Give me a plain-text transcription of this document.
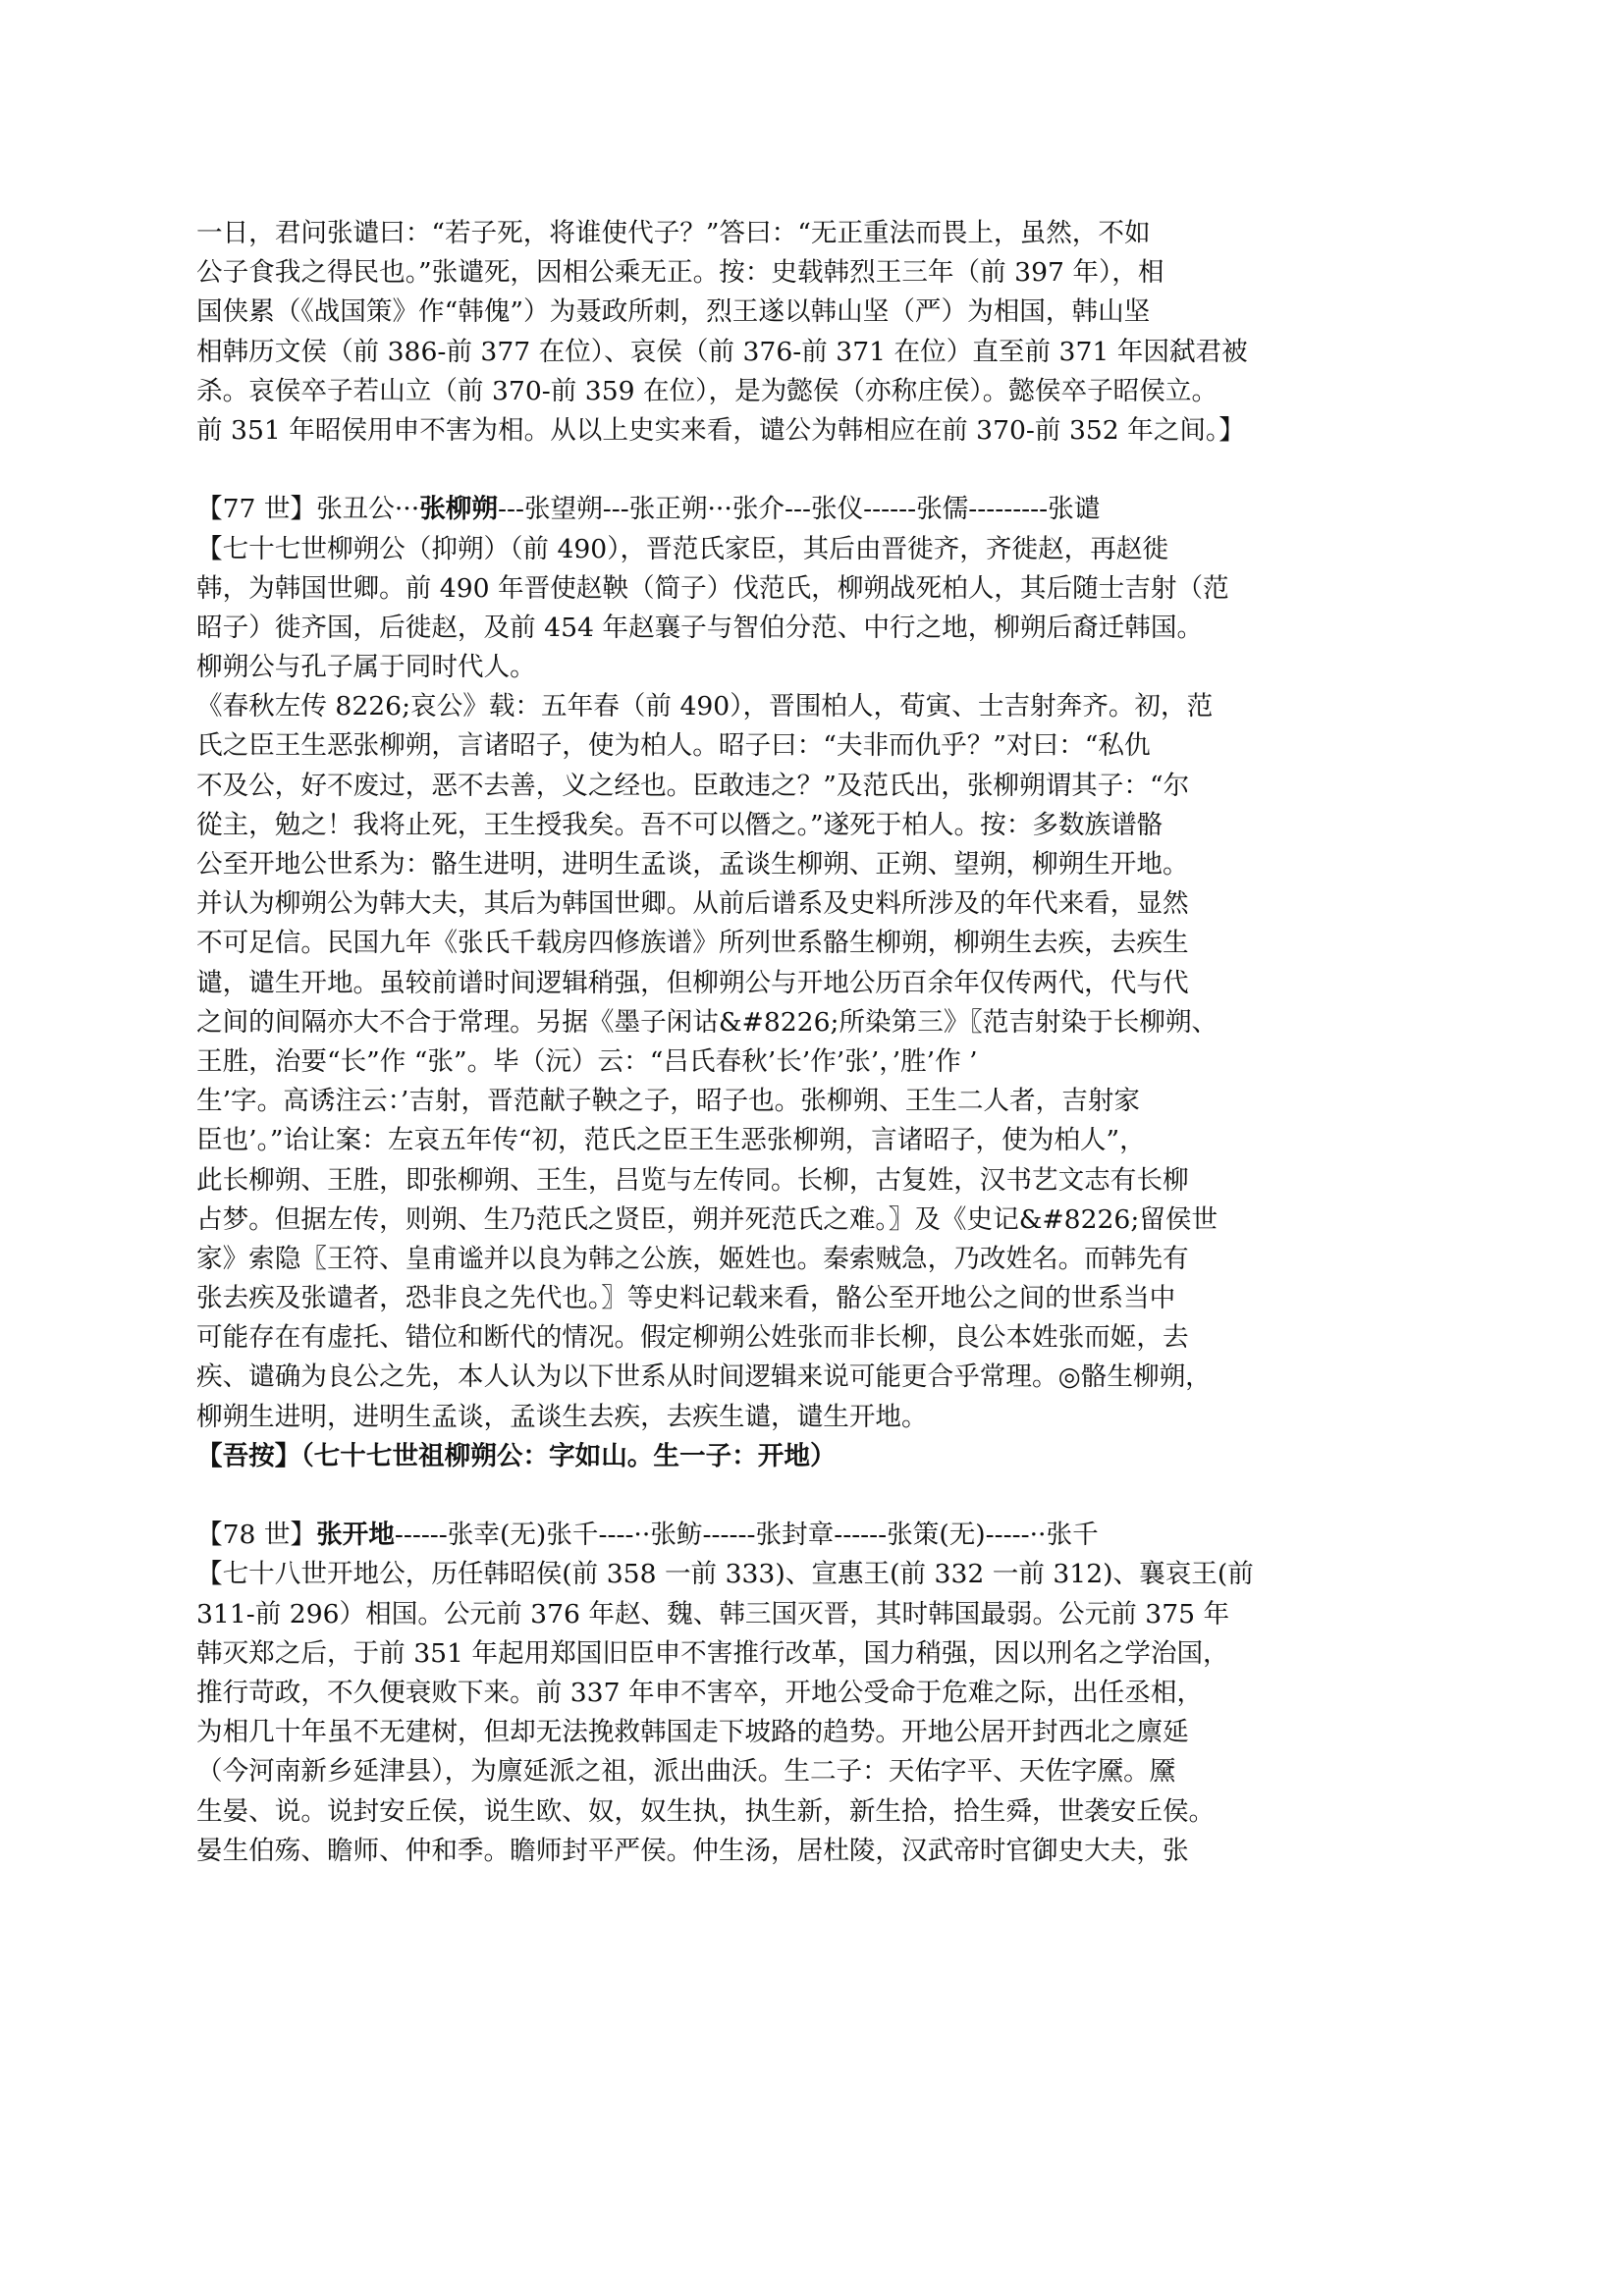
一日，君问张谴曰：“若子死，将谁使代子？”答曰：“无正重法而畏上，虽然，不如
公子食我之得民也。”张谴死，因相公乘无正。按：史载韩烈王三年（前 397 年），相
国侠累（《战国策》作“韩傀”）为聂政所刺，烈王遂以韩山坚（严）为相国，韩山坚
相韩历文侯（前 386-前 377 在位）、哀侯（前 376-前 371 在位）直至前 371 年因弑君被
杀。哀侯卒子若山立（前 370-前 359 在位），是为懿侯（亦称庄侯）。懿侯卒子昭侯立。
前 351 年昭侯用申不害为相。从以上史实来看，谴公为韩相应在前 370-前 352 年之间。】
【77 世】张丑公···张柳朔---张望朔---张正朔···张介---张仪------张儒---------张谴
【七十七世柳朔公（抑朔）（前 490），晋范氏家臣，其后由晋徙齐，齐徙赵，再赵徙
韩，为韩国世卿。前 490 年晋使赵鞅（简子）伐范氏，柳朔战死柏人，其后随士吉射（范
昭子）徙齐国，后徙赵，及前 454 年赵襄子与智伯分范、中行之地，柳朔后裔迁韩国。
柳朔公与孔子属于同时代人。
《春秋左传 8226;哀公》载：五年春（前 490），晋围柏人，荀寅、士吉射奔齐。初，范
氏之臣王生恶张柳朔，言诸昭子，使为柏人。昭子曰：“夫非而仇乎？”对曰：“私仇
不及公，好不废过，恶不去善，义之经也。臣敢违之？”及范氏出，张柳朔谓其子：“尔
從主，勉之！我将止死，王生授我矣。吾不可以僭之。”遂死于柏人。按：多数族谱骼
公至开地公世系为：骼生进明，进明生孟谈，孟谈生柳朔、正朔、望朔，柳朔生开地。
并认为柳朔公为韩大夫，其后为韩国世卿。从前后谱系及史料所涉及的年代来看，显然
不可足信。民国九年《张氏千载房四修族谱》所列世系骼生柳朔，柳朔生去疾，去疾生
谴，谴生开地。虽较前谱时间逻辑稍强，但柳朔公与开地公历百余年仅传两代，代与代
之间的间隔亦大不合于常理。另据《墨子闲诂&#8226;所染第三》〖范吉射染于长柳朔、
王胜，治要“长”作 “张”。毕（沅）云：“吕氏春秋’长’作’张’，’胜’作 ’
生’字。高诱注云：’吉射，晋范献子鞅之子，昭子也。张柳朔、王生二人者，吉射家
臣也’。”诒让案：左哀五年传“初，范氏之臣王生恶张柳朔，言诸昭子，使为柏人”，
此长柳朔、王胜，即张柳朔、王生，吕览与左传同。长柳，古复姓，汉书艺文志有长柳
占梦。但据左传，则朔、生乃范氏之贤臣，朔并死范氏之难。〗及《史记&#8226;留侯世
家》索隐〖王符、皇甫谧并以良为韩之公族，姬姓也。秦索贼急，乃改姓名。而韩先有
张去疾及张谴者，恐非良之先代也。〗等史料记载来看，骼公至开地公之间的世系当中
可能存在有虚托、错位和断代的情况。假定柳朔公姓张而非长柳，良公本姓张而姬，去
疾、谴确为良公之先，本人认为以下世系从时间逻辑来说可能更合乎常理。◎骼生柳朔，
柳朔生进明，进明生孟谈，孟谈生去疾，去疾生谴，谴生开地。
【吾按】（七十七世祖柳朔公：字如山。生一子：开地）
【78 世】张开地------张幸(无)张千----··张鲂------张封章------张策(无)-----··张千
【七十八世开地公，历任韩昭侯(前 358 一前 333)、宣惠王(前 332 一前 312)、襄哀王(前
311-前 296）相国。公元前 376 年赵、魏、韩三国灭晋，其时韩国最弱。公元前 375 年
韩灭郑之后，于前 351 年起用郑国旧臣申不害推行改革，国力稍强，因以刑名之学治国，
推行苛政，不久便衰败下来。前 337 年申不害卒，开地公受命于危难之际，出任丞相，
为相几十年虽不无建树，但却无法挽救韩国走下坡路的趋势。开地公居开封西北之廪延
（今河南新乡延津县），为廪延派之祖，派出曲沃。生二子：天佑字平、天佐字黡。黡
生晏、说。说封安丘侯，说生欧、奴，奴生执，执生新，新生拾，拾生舜，世袭安丘侯。
晏生伯殇、瞻师、仲和季。瞻师封平严侯。仲生汤，居杜陵，汉武帝时官御史大夫，张
